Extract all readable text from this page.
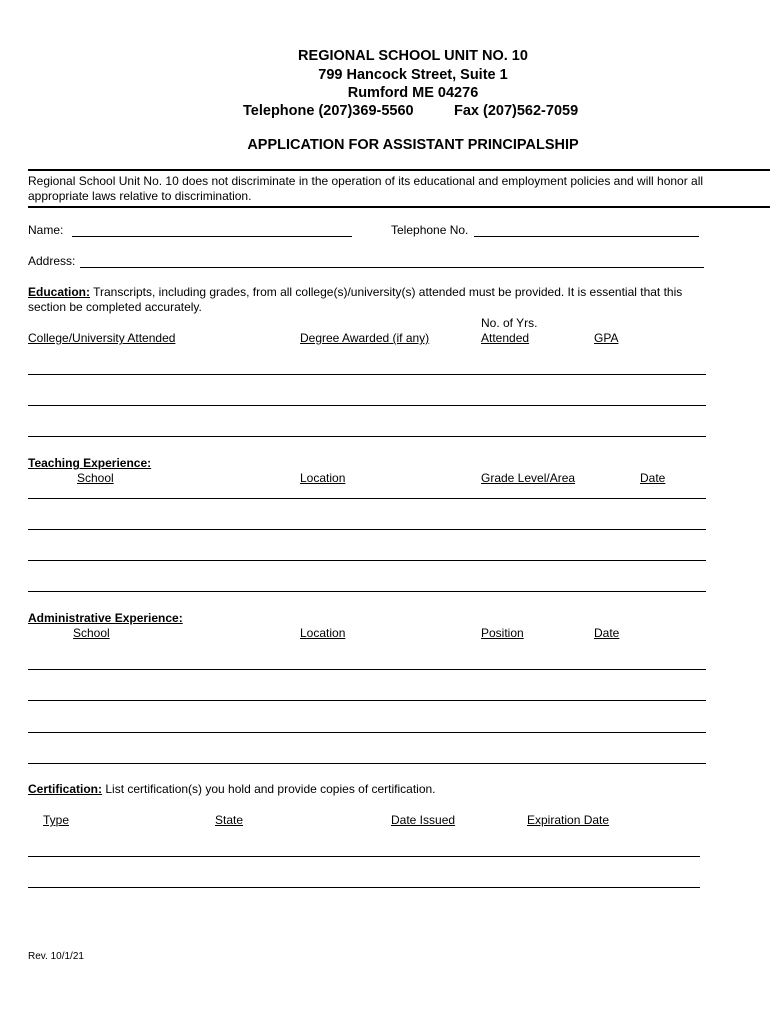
REGIONAL SCHOOL UNIT NO. 10
799 Hancock Street, Suite 1
Rumford ME 04276
Telephone (207)369-5560	Fax (207)562-7059
APPLICATION FOR ASSISTANT PRINCIPALSHIP
Regional School Unit No. 10 does not discriminate in the operation of its educational and employment policies and will honor all
appropriate laws relative to discrimination.
Name:	Telephone No.
Address:
Education: Transcripts, including grades, from all college(s)/university(s) attended must be provided. It is essential that this
section be completed accurately.
No. of Yrs.
College/University Attended	Degree Awarded (if any)	Attended	GPA
Teaching Experience:
School	Location	Grade Level/Area	Date
Administrative Experience:
School	Location	Position	Date
Certification: List certification(s) you hold and provide copies of certification.
Type	State	Date Issued	Expiration Date
Rev. 10/1/21
